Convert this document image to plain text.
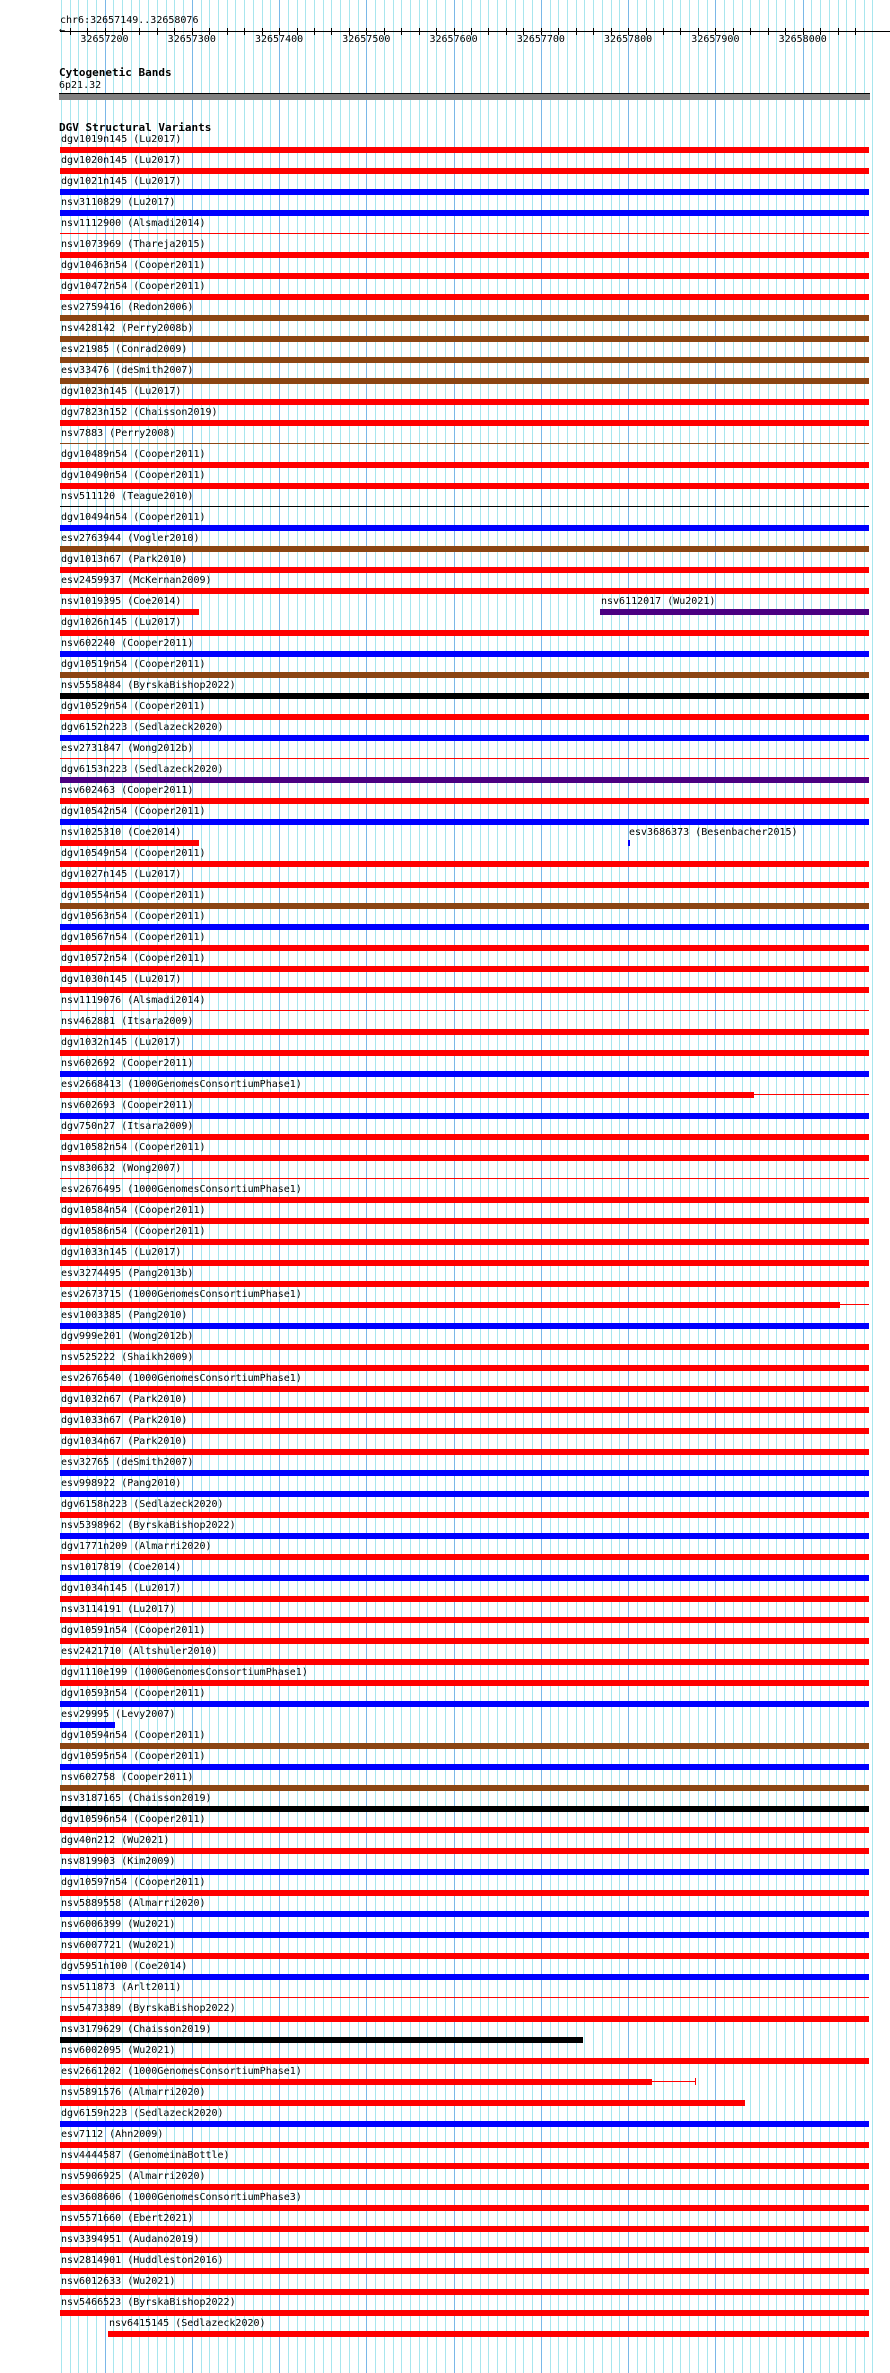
chr6:32657149..32658076
←
32657200	32657300	32657400	32657500	32657600	32657700	32657800	32657900	32658000
Cytogenetic Bands
6p21.32
DGV Structural Variants
dgv1019n145 (Lu2017)
dgv1020n145 (Lu2017)
dgv1021n145 (Lu2017)
nsv3110829 (Lu2017)
nsv1112900 (Alsmadi2014)
nsv1073969 (Thareja2015)
dgv10463n54 (Cooper2011)
dgv10472n54 (Cooper2011)
esv2759416 (Redon2006)
nsv428142 (Perry2008b)
esv21985 (Conrad2009)
esv33476 (deSmith2007)
dgv1023n145 (Lu2017)
dgv7823n152 (Chaisson2019)
nsv7883 (Perry2008)
dgv10489n54 (Cooper2011)
dgv10490n54 (Cooper2011)
nsv511120 (Teague2010)
dgv10494n54 (Cooper2011)
esv2763944 (Vogler2010)
dgv1013n67 (Park2010)
esv2459937 (McKernan2009)
nsv1019395 (Coe2014)	nsv6112017 (Wu2021)
dgv1026n145 (Lu2017)
nsv602240 (Cooper2011)
dgv10519n54 (Cooper2011)
nsv5558484 (ByrskaBishop2022)
dgv10529n54 (Cooper2011)
dgv6152n223 (Sedlazeck2020)
esv2731847 (Wong2012b)
dgv6153n223 (Sedlazeck2020)
nsv602463 (Cooper2011)
dgv10542n54 (Cooper2011)
nsv1025310 (Coe2014)	esv3686373 (Besenbacher2015)
dgv10549n54 (Cooper2011)
dgv1027n145 (Lu2017)
dgv10554n54 (Cooper2011)
dgv10563n54 (Cooper2011)
dgv10567n54 (Cooper2011)
dgv10572n54 (Cooper2011)
dgv1030n145 (Lu2017)
nsv1119076 (Alsmadi2014)
nsv462881 (Itsara2009)
dgv1032n145 (Lu2017)
nsv602692 (Cooper2011)
esv2668413 (1000GenomesConsortiumPhase1)
nsv602693 (Cooper2011)
dgv750n27 (Itsara2009)
dgv10582n54 (Cooper2011)
nsv830632 (Wong2007)
esv2676495 (1000GenomesConsortiumPhase1)
dgv10584n54 (Cooper2011)
dgv10586n54 (Cooper2011)
dgv1033n145 (Lu2017)
esv3274495 (Pang2013b)
esv2673715 (1000GenomesConsortiumPhase1)
esv1003385 (Pang2010)
dgv999e201 (Wong2012b)
nsv525222 (Shaikh2009)
esv2676540 (1000GenomesConsortiumPhase1)
dgv1032n67 (Park2010)
dgv1033n67 (Park2010)
dgv1034n67 (Park2010)
esv32765 (deSmith2007)
esv998922 (Pang2010)
dgv6158n223 (Sedlazeck2020)
nsv5398962 (ByrskaBishop2022)
dgv1771n209 (Almarri2020)
nsv1017819 (Coe2014)
dgv1034n145 (Lu2017)
nsv3114191 (Lu2017)
dgv10591n54 (Cooper2011)
esv2421710 (Altshuler2010)
dgv1110e199 (1000GenomesConsortiumPhase1)
dgv10593n54 (Cooper2011)
esv29995 (Levy2007)
dgv10594n54 (Cooper2011)
dgv10595n54 (Cooper2011)
nsv602758 (Cooper2011)
nsv3187165 (Chaisson2019)
dgv10596n54 (Cooper2011)
dgv40n212 (Wu2021)
nsv819903 (Kim2009)
dgv10597n54 (Cooper2011)
nsv5889558 (Almarri2020)
nsv6006399 (Wu2021)
nsv6007721 (Wu2021)
dgv5951n100 (Coe2014)
nsv511873 (Arlt2011)
nsv5473389 (ByrskaBishop2022)
nsv3179629 (Chaisson2019)
nsv6002095 (Wu2021)
esv2661202 (1000GenomesConsortiumPhase1)
nsv5891576 (Almarri2020)
dgv6159n223 (Sedlazeck2020)
esv7112 (Ahn2009)
nsv4444587 (GenomeinaBottle)
nsv5906925 (Almarri2020)
esv3608606 (1000GenomesConsortiumPhase3)
nsv5571660 (Ebert2021)
nsv3394951 (Audano2019)
nsv2814901 (Huddleston2016)
nsv6012633 (Wu2021)
nsv5466523 (ByrskaBishop2022)
nsv6415145 (Sedlazeck2020)
